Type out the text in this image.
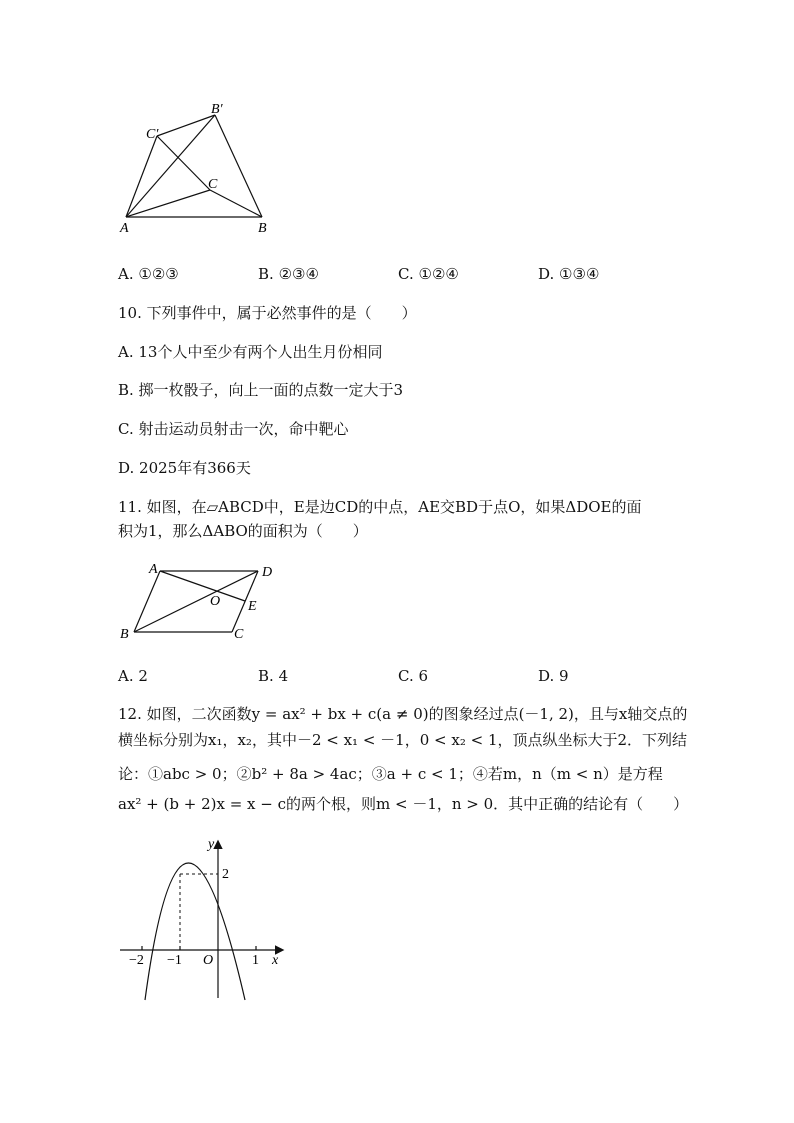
B′
C′
C
A	B
A. ①②③	B. ②③④	C. ①②④	D. ①③④
10. 下列事件中，属于必然事件的是（　　）
A. 13个人中至少有两个人出生月份相同
B. 掷一枚骰子，向上一面的点数一定大于3
C. 射击运动员射击一次，命中靶心
D. 2025年有366天
11. 如图，在▱ABCD中，E是边CD的中点，AE交BD于点O，如果ΔDOE的面
积为1，那么ΔABO的面积为（　　）
A	D
O E
B	C
A. 2	B. 4	C. 6	D. 9
12. 如图，二次函数y = ax² + bx + c(a ≠ 0)的图象经过点(－1, 2)，且与x轴交点的
横坐标分别为x₁，x₂，其中－2 < x₁ < －1，0 < x₂ < 1，顶点纵坐标大于2．下列结
论：①abc > 0；②b² + 8a > 4ac；③a + c < 1；④若m，n（m < n）是方程
ax² + (b + 2)x = x − c的两个根，则m < －1，n > 0．其中正确的结论有（　　）
y
x
2
−2 −1 O	1
